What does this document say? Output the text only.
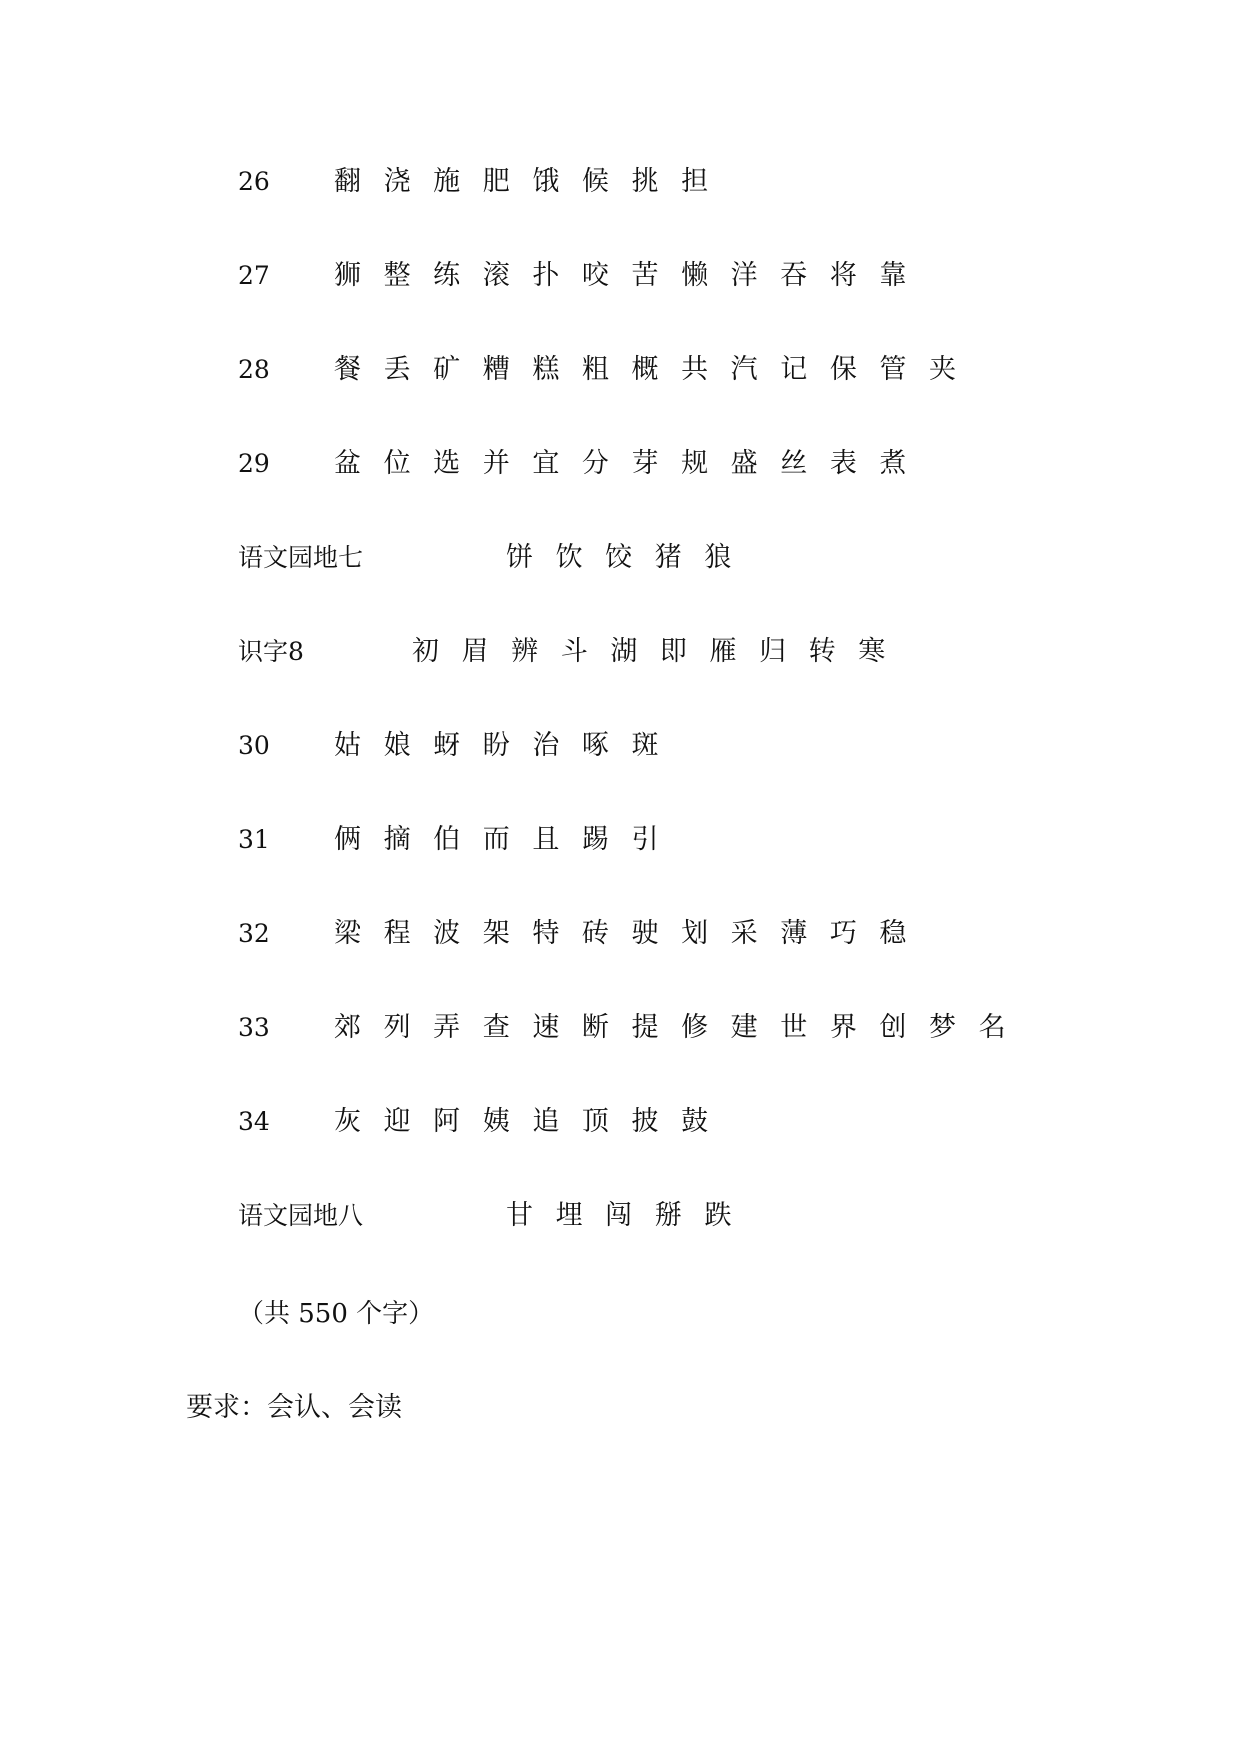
26 翻 浇 施 肥 饿 候 挑 担
27 狮 整 练 滚 扑 咬 苦 懒 洋 吞 将 靠
28 餐 丢 矿 糟 糕 粗 概 共 汽 记 保 管 夹
29 盆 位 选 并 宜 分 芽 规 盛 丝 表 煮
语文园地七	饼 饮 饺 猪 狼
识字8	初 眉 辨 斗 湖 即 雁 归 转 寒
30 姑 娘 蚜 盼 治 啄 斑
31 俩 摘 伯 而 且 踢 引
32 梁 程 波 架 特 砖 驶 划 采 薄 巧 稳
33 郊 列 弄 查 速 断 提 修 建 世 界 创 梦 名
34 灰 迎 阿 姨 追 顶 披 鼓
语文园地八	甘 埋 闯 掰 跌
（共 550 个字）
要求：会认、会读
